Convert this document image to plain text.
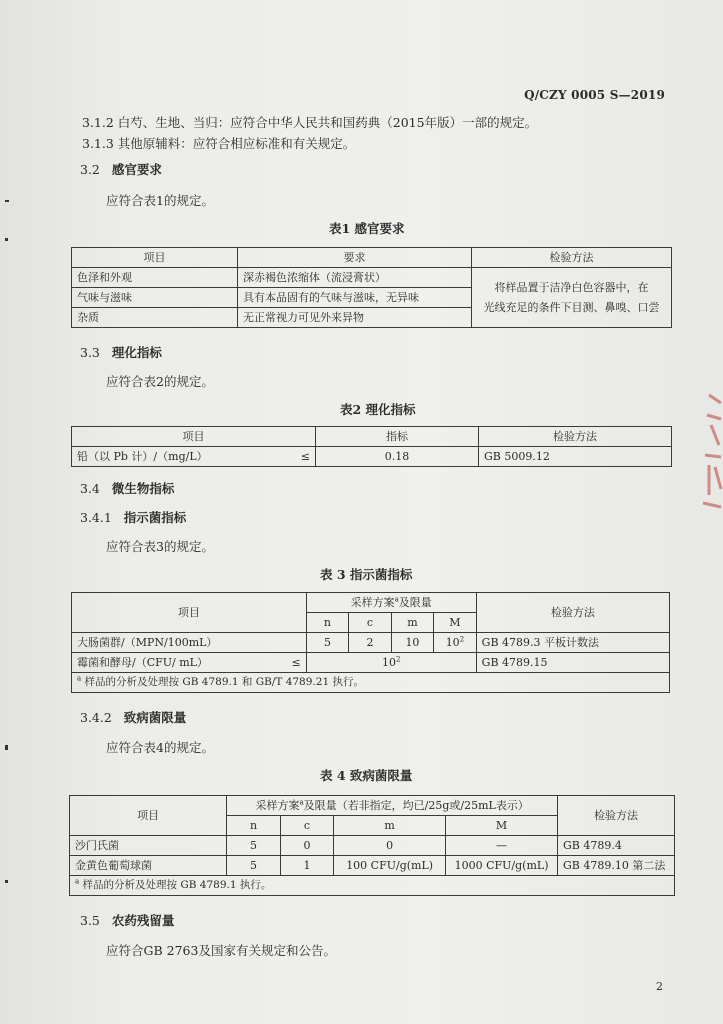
Q/CZY 0005 S—2019
3.1.2 白芍、生地、当归：应符合中华人民共和国药典（2015年版）一部的规定。
3.1.3 其他原辅料：应符合相应标准和有关规定。
3.2 感官要求
应符合表1的规定。
表1 感官要求
项目	要求	检验方法
色泽和外观	深赤褐色浓缩体（流浸膏状）	将样品置于洁净白色容器中，在
光线充足的条件下目测、鼻嗅、口尝

气味与滋味	具有本品固有的气味与滋味，无异味	
杂质	无正常视力可见外来异物	
3.3 理化指标
应符合表2的规定。
表2 理化指标
项目	指标	检验方法
铅（以 Pb 计）/（mg/L） ≤	0.18	GB 5009.12
3.4 微生物指标
3.4.1 指示菌指标
应符合表3的规定。
表 3 指示菌指标
项目	采样方案$^a$及限量				检验方法
	n	c	m	M	
大肠菌群/（MPN/100mL）	5	2	10	$10^2$	GB 4789.3 平板计数法
霉菌和酵母/（CFU/ mL） ≤	$10^2$				GB 4789.15
$^a$ 样品的分析及处理按 GB 4789.1 和 GB/T 4789.21 执行。					
3.4.2 致病菌限量
应符合表4的规定。
表 4 致病菌限量
项目	采样方案$^a$及限量（若非指定，均已/25g或/25mL表示）				检验方法
	n	c	m	M	
沙门氏菌	5	0	0	—	GB 4789.4
金黄色葡萄球菌	5	1	100 CFU/g(mL)	1000 CFU/g(mL)	GB 4789.10 第二法
$^a$ 样品的分析及处理按 GB 4789.1 执行。					
3.5 农药残留量
应符合GB 2763及国家有关规定和公告。
2
